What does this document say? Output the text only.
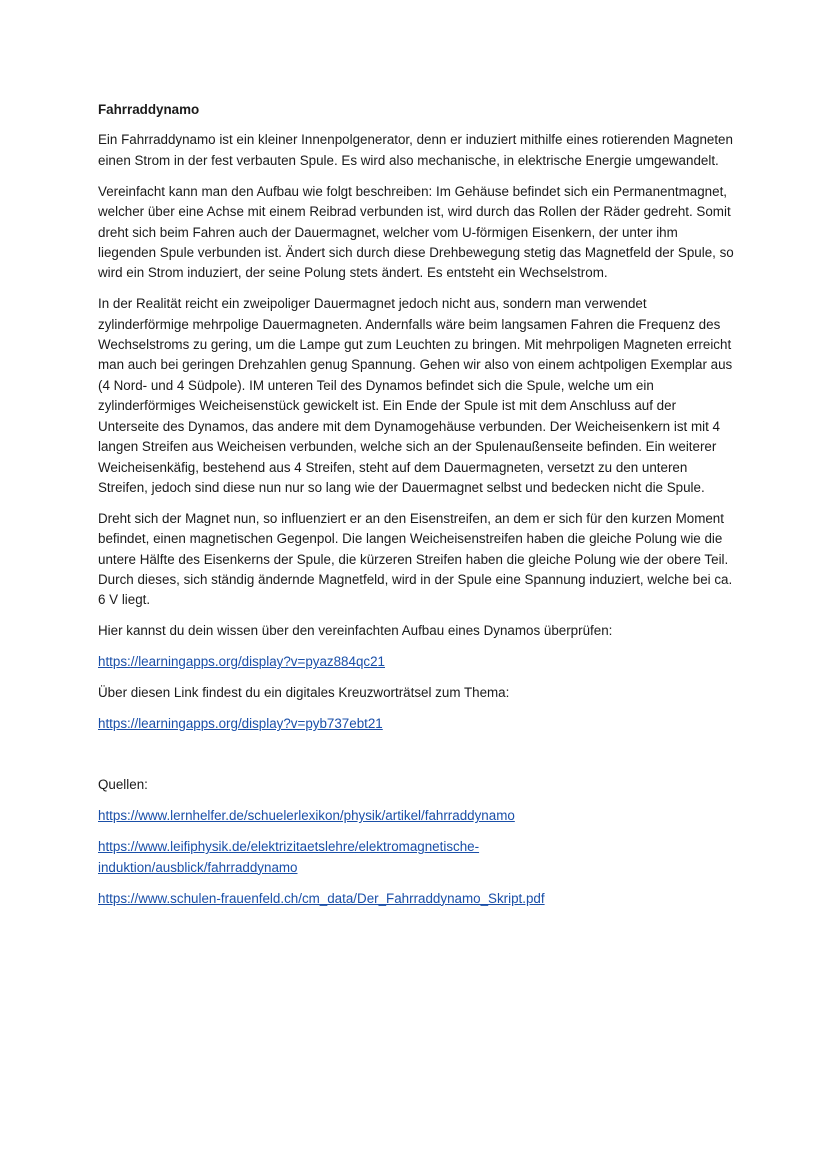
Fahrraddynamo

Ein Fahrraddynamo ist ein kleiner Innenpolgenerator, denn er induziert mithilfe eines rotierenden Magneten einen Strom in der fest verbauten Spule. Es wird also mechanische, in elektrische Energie umgewandelt.

Vereinfacht kann man den Aufbau wie folgt beschreiben: Im Gehäuse befindet sich ein Permanentmagnet, welcher über eine Achse mit einem Reibrad verbunden ist, wird durch das Rollen der Räder gedreht. Somit dreht sich beim Fahren auch der Dauermagnet, welcher vom U-förmigen Eisenkern, der unter ihm liegenden Spule verbunden ist. Ändert sich durch diese Drehbewegung stetig das Magnetfeld der Spule, so wird ein Strom induziert, der seine Polung stets ändert. Es entsteht ein Wechselstrom.

In der Realität reicht ein zweipoliger Dauermagnet jedoch nicht aus, sondern man verwendet zylinderförmige mehrpolige Dauermagneten. Andernfalls wäre beim langsamen Fahren die Frequenz des Wechselstroms zu gering, um die Lampe gut zum Leuchten zu bringen. Mit mehrpoligen Magneten erreicht man auch bei geringen Drehzahlen genug Spannung. Gehen wir also von einem achtpoligen Exemplar aus (4 Nord- und 4 Südpole). IM unteren Teil des Dynamos befindet sich die Spule, welche um ein zylinderförmiges Weicheisenstück gewickelt ist. Ein Ende der Spule ist mit dem Anschluss auf der Unterseite des Dynamos, das andere mit dem Dynamogehäuse verbunden. Der Weicheisenkern ist mit 4 langen Streifen aus Weicheisen verbunden, welche sich an der Spulenaußenseite befinden. Ein weiterer Weicheisenkäfig, bestehend aus 4 Streifen, steht auf dem Dauermagneten, versetzt zu den unteren Streifen, jedoch sind diese nun nur so lang wie der Dauermagnet selbst und bedecken nicht die Spule.

Dreht sich der Magnet nun, so influenziert er an den Eisenstreifen, an dem er sich für den kurzen Moment befindet, einen magnetischen Gegenpol. Die langen Weicheisenstreifen haben die gleiche Polung wie die untere Hälfte des Eisenkerns der Spule, die kürzeren Streifen haben die gleiche Polung wie der obere Teil. Durch dieses, sich ständig ändernde Magnetfeld, wird in der Spule eine Spannung induziert, welche bei ca. 6 V liegt.

Hier kannst du dein wissen über den vereinfachten Aufbau eines Dynamos überprüfen:

https://learningapps.org/display?v=pyaz884qc21

Über diesen Link findest du ein digitales Kreuzworträtsel zum Thema:

https://learningapps.org/display?v=pyb737ebt21

Quellen:

https://www.lernhelfer.de/schuelerlexikon/physik/artikel/fahrraddynamo
https://www.leifiphysik.de/elektrizitaetslehre/elektromagnetische-induktion/ausblick/fahrraddynamo
https://www.schulen-frauenfeld.ch/cm_data/Der_Fahrraddynamo_Skript.pdf
